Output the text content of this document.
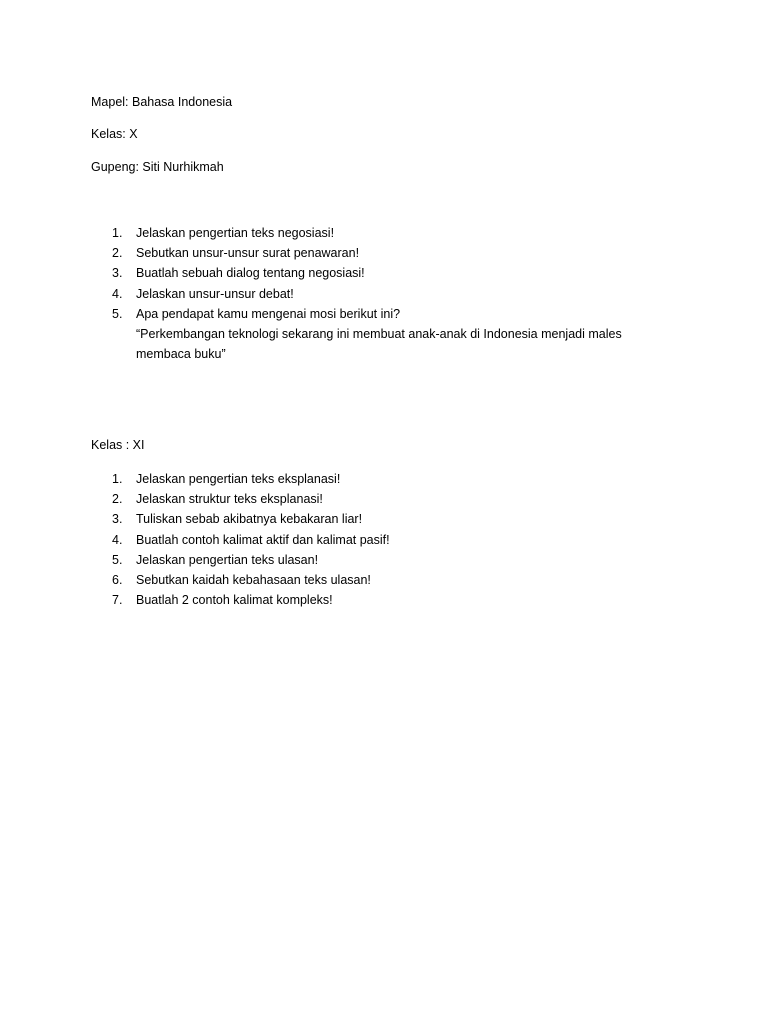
Mapel: Bahasa Indonesia
Kelas: X
Gupeng: Siti Nurhikmah
1.	Jelaskan pengertian teks negosiasi!
2.	Sebutkan unsur-unsur surat penawaran!
3.	Buatlah sebuah dialog tentang negosiasi!
4.	Jelaskan unsur-unsur debat!
5.	Apa pendapat kamu mengenai mosi berikut ini?
“Perkembangan teknologi sekarang ini membuat anak-anak di Indonesia menjadi males
membaca buku”
Kelas : XI
1.	Jelaskan pengertian teks eksplanasi!
2.	Jelaskan struktur teks eksplanasi!
3.	Tuliskan sebab akibatnya kebakaran liar!
4.	Buatlah contoh kalimat aktif dan kalimat pasif!
5.	Jelaskan pengertian teks ulasan!
6.	Sebutkan kaidah kebahasaan teks ulasan!
7.	Buatlah 2 contoh kalimat kompleks!
